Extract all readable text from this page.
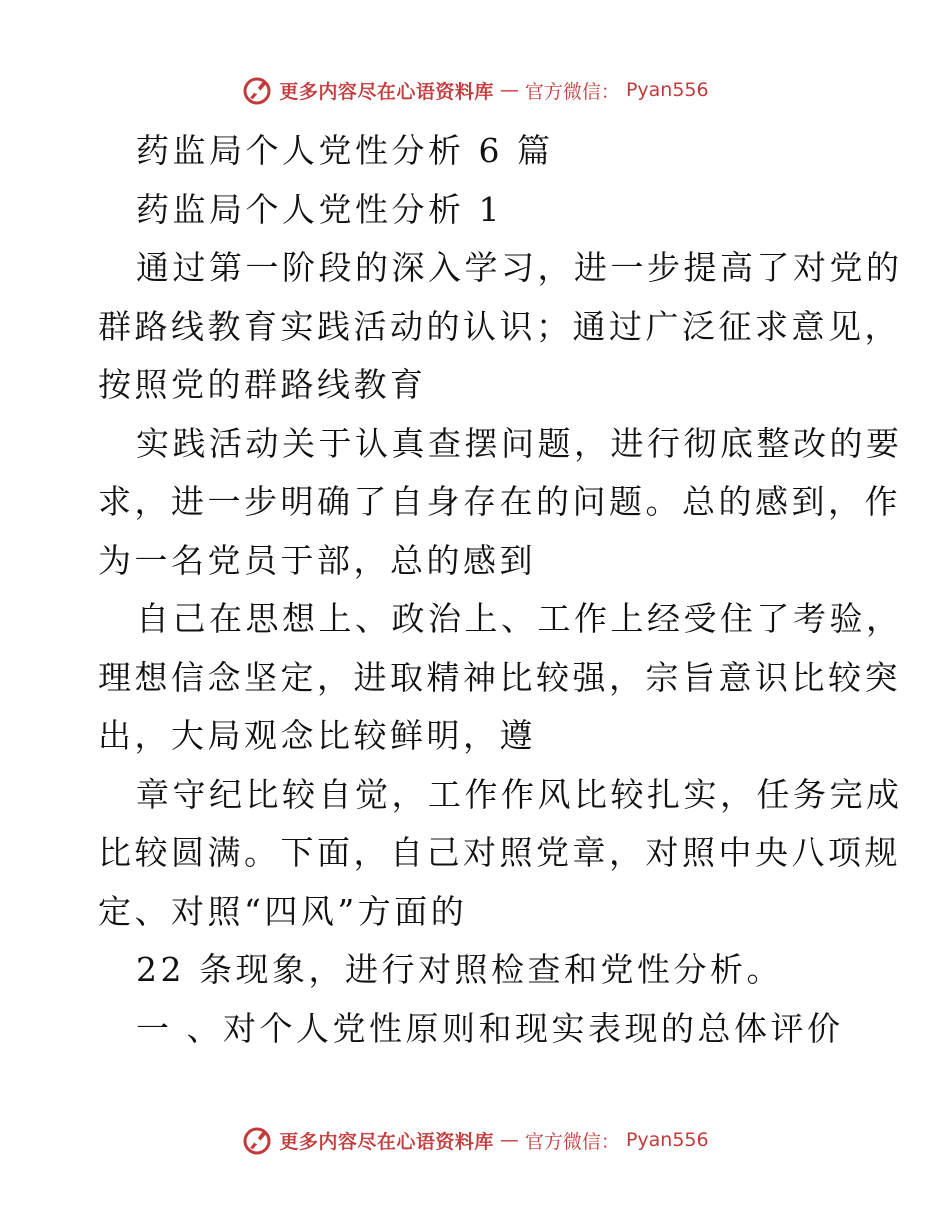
更多内容尽在心语资料库 — 官方微信： Pyan556
药监局个人党性分析 6 篇
药监局个人党性分析 1
通过第一阶段的深入学习，进一步提高了对党的
群路线教育实践活动的认识；通过广泛征求意见，
按照党的群路线教育
实践活动关于认真查摆问题，进行彻底整改的要
求，进一步明确了自身存在的问题。总的感到，作
为一名党员于部，总的感到
自己在思想上、政治上、工作上经受住了考验，
理想信念坚定，进取精神比较强，宗旨意识比较突
出，大局观念比较鲜明，遵
章守纪比较自觉，工作作风比较扎实，任务完成
比较圆满。下面，自己对照党章，对照中央八项规
定、对照“四风”方面的
22 条现象，进行对照检查和党性分析。
一 、对个人党性原则和现实表现的总体评价
更多内容尽在心语资料库 — 官方微信： Pyan556
